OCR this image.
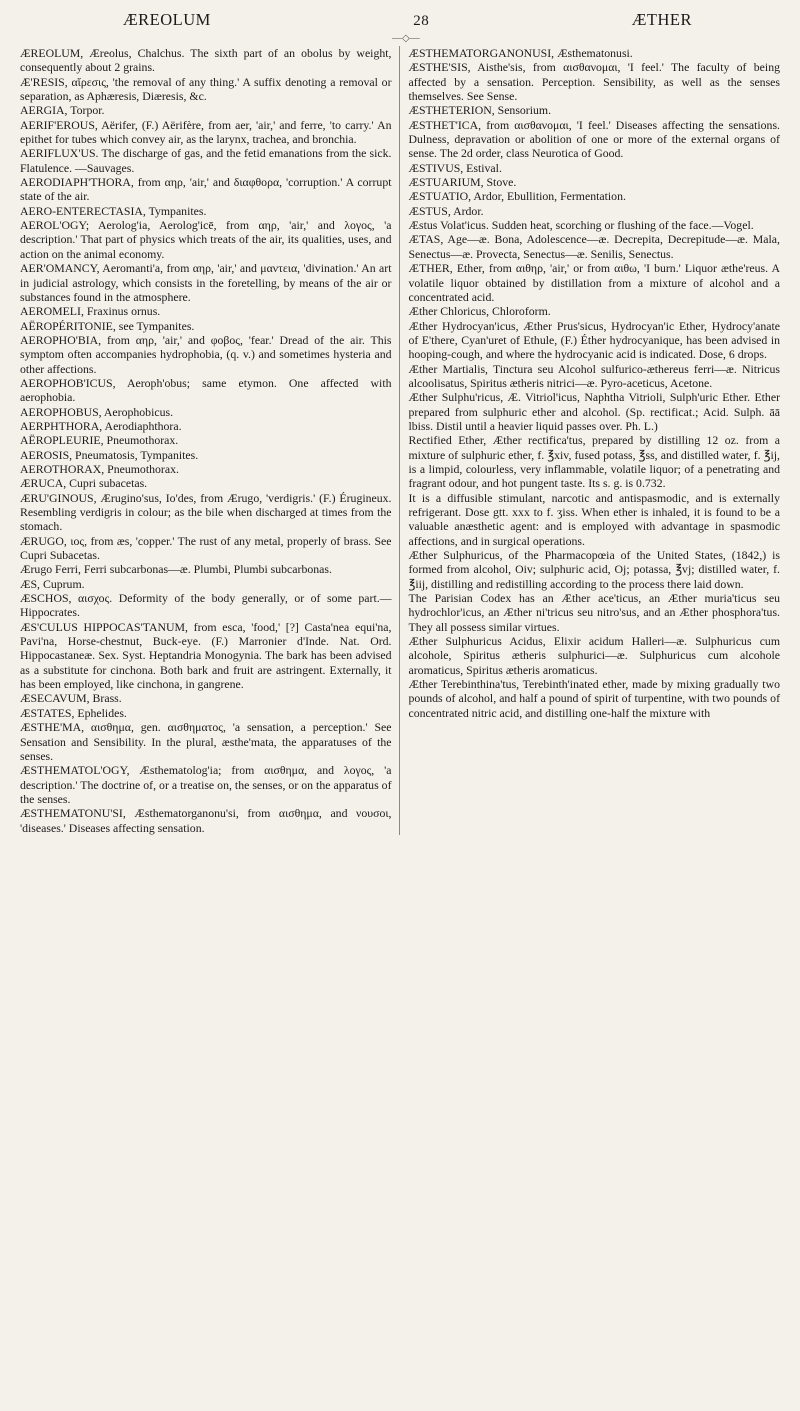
ÆREOLUM	28	ÆTHER
—◇—

ÆREOLUM, Æreolus, Chalchus. The sixth part of an obolus by weight, consequently about 2 grains.

Æ'RESIS, αἵρεσις, 'the removal of any thing.' A suffix denoting a removal or separation, as Aphæresis, Diæresis, &c.

AERGIA, Torpor.

AERIF'EROUS, Aërifer, (F.) Aërifère, from aer, 'air,' and ferre, 'to carry.' An epithet for tubes which convey air, as the larynx, trachea, and bronchia.

AERIFLUX'US. The discharge of gas, and the fetid emanations from the sick. Flatulence. —Sauvages.

AERODIAPH'THORA, from αηρ, 'air,' and διαφθορα, 'corruption.' A corrupt state of the air.

AERO-ENTERECTASIA, Tympanites.

AEROL'OGY; Aerolog'ia, Aerolog'icē, from αηρ, 'air,' and λογος, 'a description.' That part of physics which treats of the air, its qualities, uses, and action on the animal economy.

AER'OMANCY, Aeromanti'a, from αηρ, 'air,' and μαντεια, 'divination.' An art in judicial astrology, which consists in the foretelling, by means of the air or substances found in the atmosphere.

AEROMELI, Fraxinus ornus.

AËROPÉRITONIE, see Tympanites.

AEROPHO'BIA, from αηρ, 'air,' and φοβος, 'fear.' Dread of the air. This symptom often accompanies hydrophobia, (q. v.) and sometimes hysteria and other affections.

AEROPHOB'ICUS, Aeroph'obus; same etymon. One affected with aerophobia.

AEROPHOBUS, Aerophobicus.

AERPHTHORA, Aerodiaphthora.

AËROPLEURIE, Pneumothorax.

AEROSIS, Pneumatosis, Tympanites.

AEROTHORAX, Pneumothorax.

ÆRUCA, Cupri subacetas.

ÆRU'GINOUS, Ærugino'sus, Io'des, from Ærugo, 'verdigris.' (F.) Érugineux. Resembling verdigris in colour; as the bile when discharged at times from the stomach.

ÆRUGO, ιος, from æs, 'copper.' The rust of any metal, properly of brass. See Cupri Subacetas.

Ærugo Ferri, Ferri subcarbonas—æ. Plumbi, Plumbi subcarbonas.

ÆS, Cuprum.

ÆSCHOS, αισχος. Deformity of the body generally, or of some part.—Hippocrates.

ÆS'CULUS HIPPOCAS'TANUM, from esca, 'food,' [?] Casta'nea equi'na, Pavi'na, Horse-chestnut, Buck-eye. (F.) Marronier d'Inde. Nat. Ord. Hippocastaneæ. Sex. Syst. Heptandria Monogynia. The bark has been advised as a substitute for cinchona. Both bark and fruit are astringent. Externally, it has been employed, like cinchona, in gangrene.

ÆSECAVUM, Brass.

ÆSTATES, Ephelides.

ÆSTHE'MA, αισθημα, gen. αισθηματος, 'a sensation, a perception.' See Sensation and Sensibility. In the plural, æsthe'mata, the apparatuses of the senses.

ÆSTHEMATOL'OGY, Æsthematolog'ia; from αισθημα, and λογος, 'a description.' The doctrine of, or a treatise on, the senses, or on the apparatus of the senses.

ÆSTHEMATONU'SI, Æsthematorganonu'si, from αισθημα, and νουσοι, 'diseases.' Diseases affecting sensation.

ÆSTHEMATORGANONUSI, Æsthematonusi.

ÆSTHE'SIS, Aisthe'sis, from αισθανομαι, 'I feel.' The faculty of being affected by a sensation. Perception. Sensibility, as well as the senses themselves. See Sense.

ÆSTHETERION, Sensorium.

ÆSTHET'ICA, from αισθανομαι, 'I feel.' Diseases affecting the sensations. Dulness, depravation or abolition of one or more of the external organs of sense. The 2d order, class Neurotica of Good.

ÆSTIVUS, Estival.

ÆSTUARIUM, Stove.

ÆSTUATIO, Ardor, Ebullition, Fermentation.

ÆSTUS, Ardor.

Æstus Volat'icus. Sudden heat, scorching or flushing of the face.—Vogel.

ÆTAS, Age—æ. Bona, Adolescence—æ. Decrepita, Decrepitude—æ. Mala, Senectus—æ. Provecta, Senectus—æ. Senilis, Senectus.

ÆTHER, Ether, from αιθηρ, 'air,' or from αιθω, 'I burn.' Liquor æthe'reus. A volatile liquor obtained by distillation from a mixture of alcohol and a concentrated acid.

Æther Chloricus, Chloroform.

Æther Hydrocyan'icus, Æther Prus'sicus, Hydrocyan'ic Ether, Hydrocy'anate of E'there, Cyan'uret of Ethule, (F.) Éther hydrocyanique, has been advised in hooping-cough, and where the hydrocyanic acid is indicated. Dose, 6 drops.

Æther Martialis, Tinctura seu Alcohol sulfurico-æthereus ferri—æ. Nitricus alcoolisatus, Spiritus ætheris nitrici—æ. Pyro-aceticus, Acetone.

Æther Sulphu'ricus, Æ. Vitriol'icus, Naphtha Vitrioli, Sulph'uric Ether. Ether prepared from sulphuric ether and alcohol. (Sp. rectificat.; Acid. Sulph. āā lbiss. Distil until a heavier liquid passes over. Ph. L.)

Rectified Ether, Æther rectifica'tus, prepared by distilling 12 oz. from a mixture of sulphuric ether, f. ℥xiv, fused potass, ℥ss, and distilled water, f. ℥ij, is a limpid, colourless, very inflammable, volatile liquor; of a penetrating and fragrant odour, and hot pungent taste. Its s. g. is 0.732.

It is a diffusible stimulant, narcotic and antispasmodic, and is externally refrigerant. Dose gtt. xxx to f. ʒiss. When ether is inhaled, it is found to be a valuable anæsthetic agent: and is employed with advantage in spasmodic affections, and in surgical operations.

Æther Sulphuricus, of the Pharmacopœia of the United States, (1842,) is formed from alcohol, Oiv; sulphuric acid, Oj; potassa, ℥vj; distilled water, f. ℥iij, distilling and redistilling according to the process there laid down.

The Parisian Codex has an Æther ace'ticus, an Æther muria'ticus seu hydrochlor'icus, an Æther ni'tricus seu nitro'sus, and an Æther phosphora'tus. They all possess similar virtues.

Æther Sulphuricus Acidus, Elixir acidum Halleri—æ. Sulphuricus cum alcohole, Spiritus ætheris sulphurici—æ. Sulphuricus cum alcohole aromaticus, Spiritus ætheris aromaticus.

Æther Terebinthina'tus, Terebinth'inated ether, made by mixing gradually two pounds of alcohol, and half a pound of spirit of turpentine, with two pounds of concentrated nitric acid, and distilling one-half the mixture with
